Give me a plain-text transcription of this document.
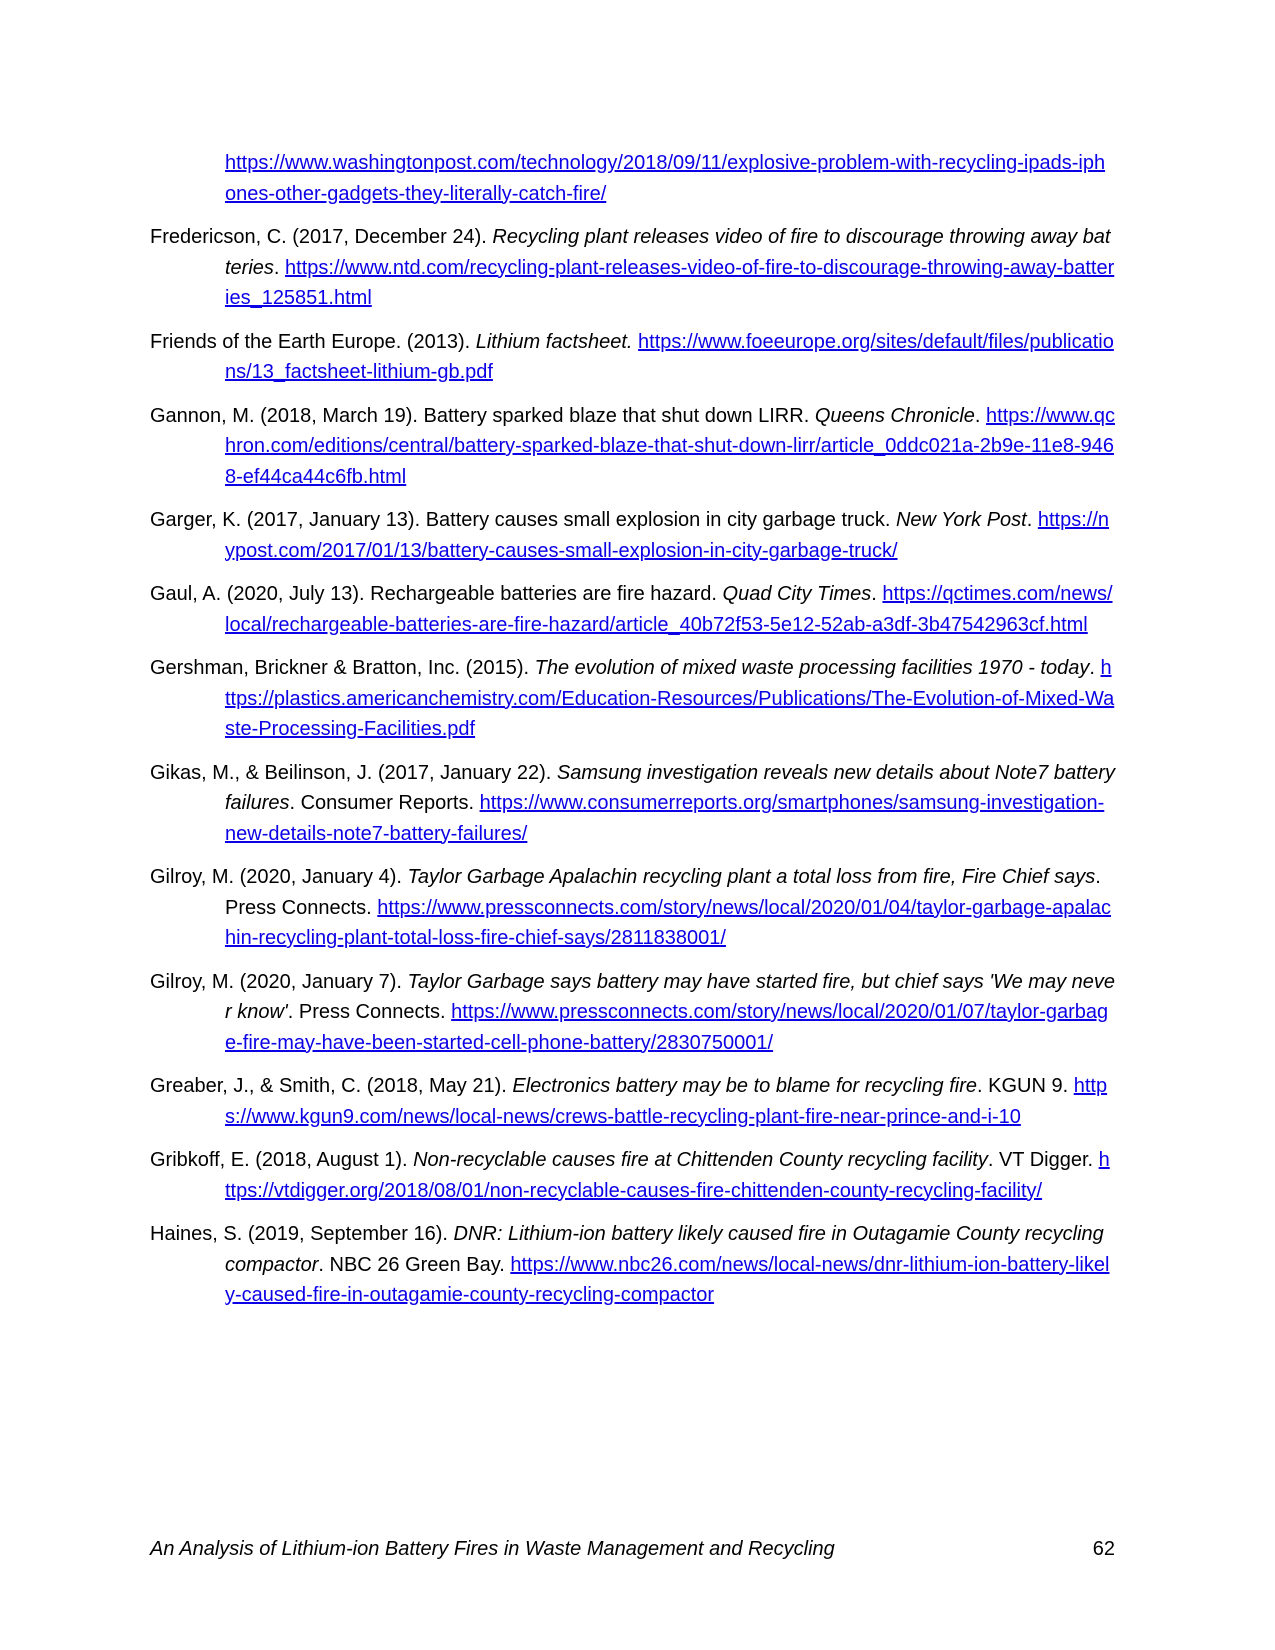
https://www.washingtonpost.com/technology/2018/09/11/explosive-problem-with-recycling-ipads-iphones-other-gadgets-they-literally-catch-fire/

Fredericson, C. (2017, December 24). Recycling plant releases video of fire to discourage throwing away batteries. https://www.ntd.com/recycling-plant-releases-video-of-fire-to-discourage-throwing-away-batteries_125851.html

Friends of the Earth Europe. (2013). Lithium factsheet. https://www.foeeurope.org/sites/default/files/publications/13_factsheet-lithium-gb.pdf

Gannon, M. (2018, March 19). Battery sparked blaze that shut down LIRR. Queens Chronicle. https://www.qchron.com/editions/central/battery-sparked-blaze-that-shut-down-lirr/article_0ddc021a-2b9e-11e8-9468-ef44ca44c6fb.html

Garger, K. (2017, January 13). Battery causes small explosion in city garbage truck. New York Post. https://nypost.com/2017/01/13/battery-causes-small-explosion-in-city-garbage-truck/

Gaul, A. (2020, July 13). Rechargeable batteries are fire hazard. Quad City Times. https://qctimes.com/news/local/rechargeable-batteries-are-fire-hazard/article_40b72f53-5e12-52ab-a3df-3b47542963cf.html

Gershman, Brickner & Bratton, Inc. (2015). The evolution of mixed waste processing facilities 1970 - today. https://plastics.americanchemistry.com/Education-Resources/Publications/The-Evolution-of-Mixed-Waste-Processing-Facilities.pdf

Gikas, M., & Beilinson, J. (2017, January 22). Samsung investigation reveals new details about Note7 battery failures. Consumer Reports. https://www.consumerreports.org/smartphones/samsung-investigation-new-details-note7-battery-failures/

Gilroy, M. (2020, January 4). Taylor Garbage Apalachin recycling plant a total loss from fire, Fire Chief says. Press Connects. https://www.pressconnects.com/story/news/local/2020/01/04/taylor-garbage-apalachin-recycling-plant-total-loss-fire-chief-says/2811838001/

Gilroy, M. (2020, January 7). Taylor Garbage says battery may have started fire, but chief says 'We may never know'. Press Connects. https://www.pressconnects.com/story/news/local/2020/01/07/taylor-garbage-fire-may-have-been-started-cell-phone-battery/2830750001/

Greaber, J., & Smith, C. (2018, May 21). Electronics battery may be to blame for recycling fire. KGUN 9. https://www.kgun9.com/news/local-news/crews-battle-recycling-plant-fire-near-prince-and-i-10

Gribkoff, E. (2018, August 1). Non-recyclable causes fire at Chittenden County recycling facility. VT Digger. https://vtdigger.org/2018/08/01/non-recyclable-causes-fire-chittenden-county-recycling-facility/

Haines, S. (2019, September 16). DNR: Lithium-ion battery likely caused fire in Outagamie County recycling compactor. NBC 26 Green Bay. https://www.nbc26.com/news/local-news/dnr-lithium-ion-battery-likely-caused-fire-in-outagamie-county-recycling-compactor

An Analysis of Lithium-ion Battery Fires in Waste Management and Recycling	62
